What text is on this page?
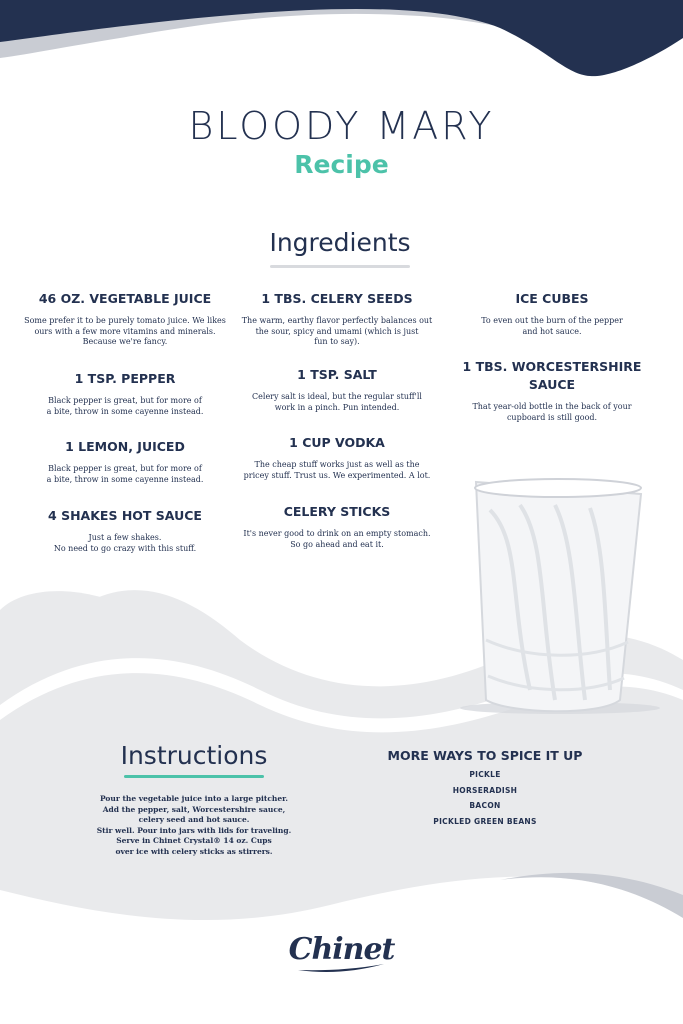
BLOODY MARY
Recipe
Ingredients
46 OZ. VEGETABLE JUICE
Some prefer it to be purely tomato juice. We likes
ours with a few more vitamins and minerals.
Because we're fancy.
1 TSP. PEPPER
Black pepper is great, but for more of
a bite, throw in some cayenne instead.
1 LEMON, JUICED
Black pepper is great, but for more of
a bite, throw in some cayenne instead.
4 SHAKES HOT SAUCE
Just a few shakes.
No need to go crazy with this stuff.
1 TBS. CELERY SEEDS
The warm, earthy flavor perfectly balances out
the sour, spicy and umami (which is just
fun to say).
1 TSP. SALT
Celery salt is ideal, but the regular stuff'll
work in a pinch. Pun intended.
1 CUP VODKA
The cheap stuff works just as well as the
pricey stuff. Trust us. We experimented. A lot.
CELERY STICKS
It's never good to drink on an empty stomach.
So go ahead and eat it.
ICE CUBES
To even out the burn of the pepper
and hot sauce.
1 TBS. WORCESTERSHIRE SAUCE
That year-old bottle in the back of your
cupboard is still good.
Instructions
Pour the vegetable juice into a large pitcher.
Add the pepper, salt, Worcestershire sauce,
celery seed and hot sauce.
Stir well. Pour into jars with lids for traveling.
Serve in Chinet Crystal® 14 oz. Cups
over ice with celery sticks as stirrers.
MORE WAYS TO SPICE IT UP
PICKLE
HORSERADISH
BACON
PICKLED GREEN BEANS
Chinet
